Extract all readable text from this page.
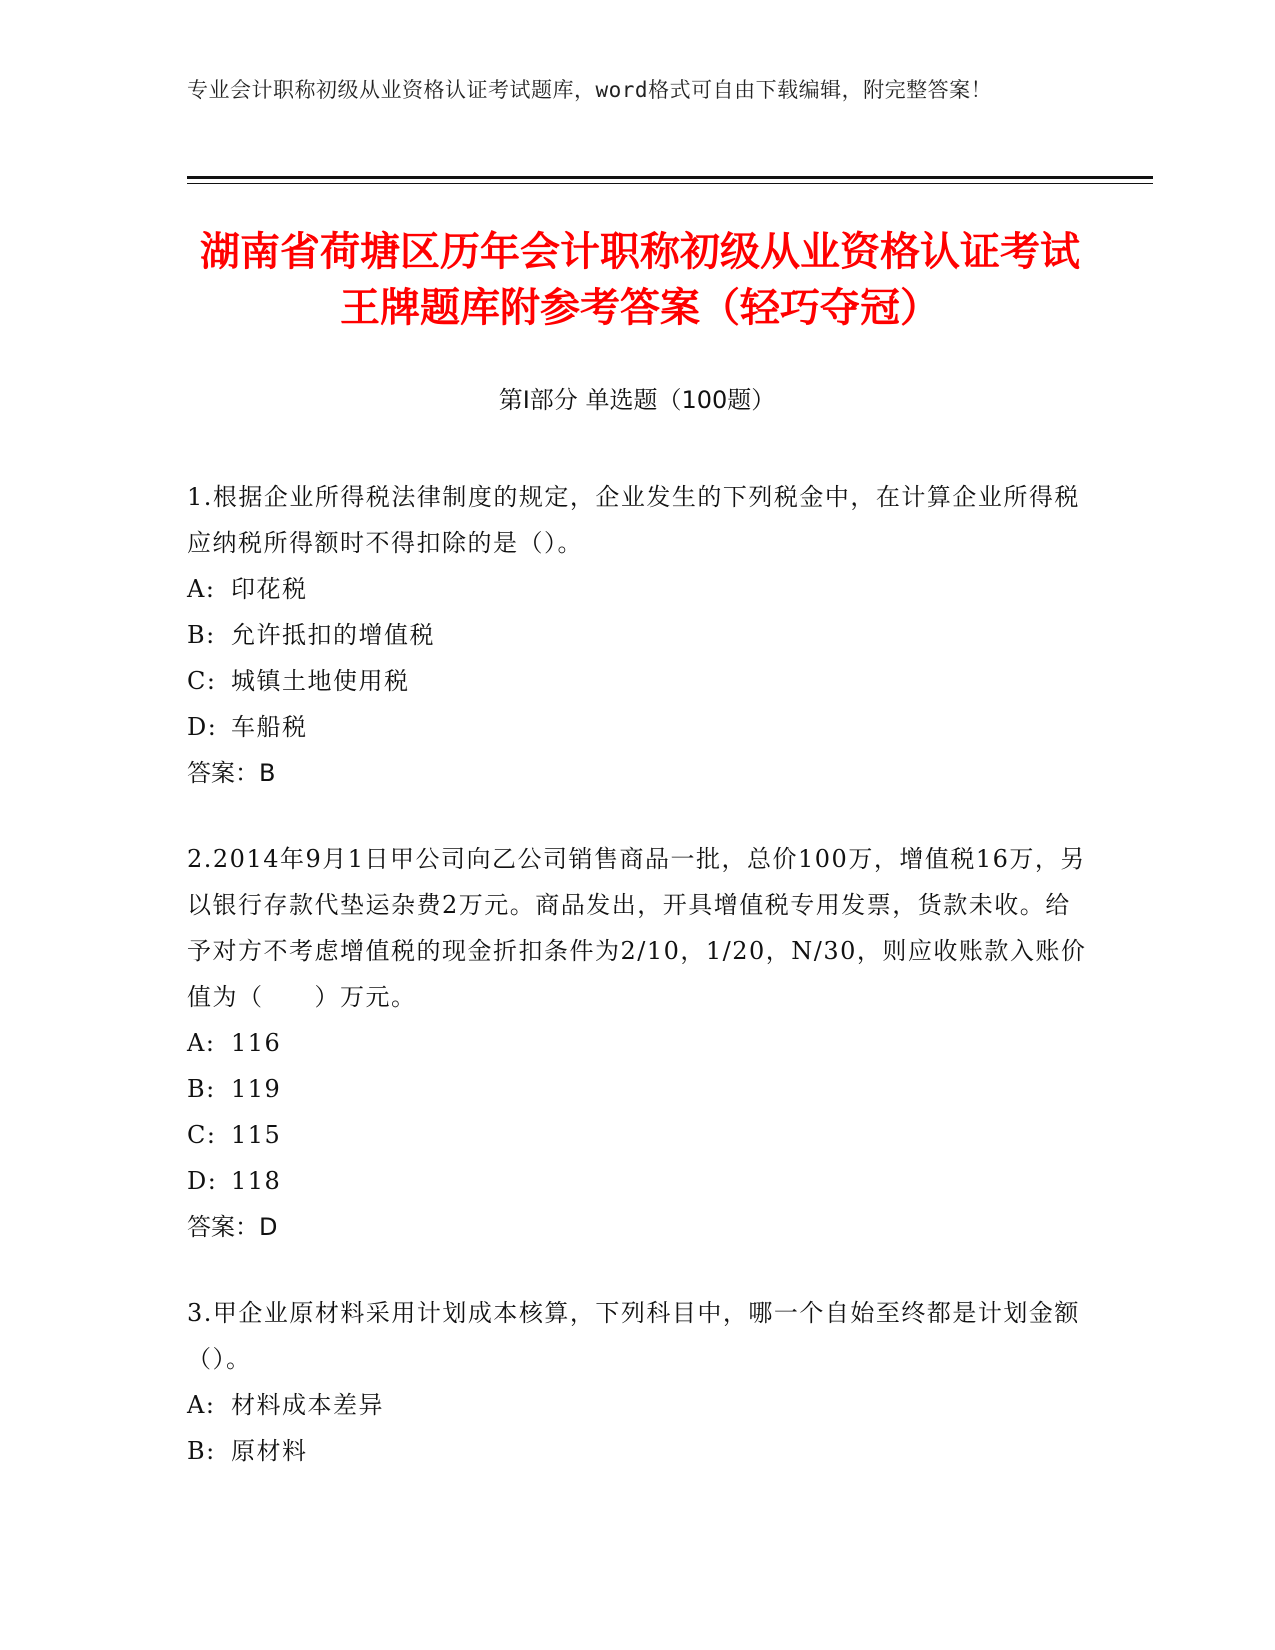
专业会计职称初级从业资格认证考试题库，word格式可自由下载编辑，附完整答案！
湖南省荷塘区历年会计职称初级从业资格认证考试王牌题库附参考答案（轻巧夺冠）
第Ⅰ部分 单选题（100题）

1.根据企业所得税法律制度的规定，企业发生的下列税金中，在计算企业所得税应纳税所得额时不得扣除的是（）。

A: 印花税

B: 允许抵扣的增值税

C: 城镇土地使用税

D: 车船税

答案：B

2.2014年9月1日甲公司向乙公司销售商品一批，总价100万，增值税16万，另以银行存款代垫运杂费2万元。商品发出，开具增值税专用发票，货款未收。给予对方不考虑增值税的现金折扣条件为2/10，1/20，N/30，则应收账款入账价值为（　　）万元。

A: 116

B: 119

C: 115

D: 118

答案：D

3.甲企业原材料采用计划成本核算，下列科目中，哪一个自始至终都是计划金额（）。

A: 材料成本差异

B: 原材料
